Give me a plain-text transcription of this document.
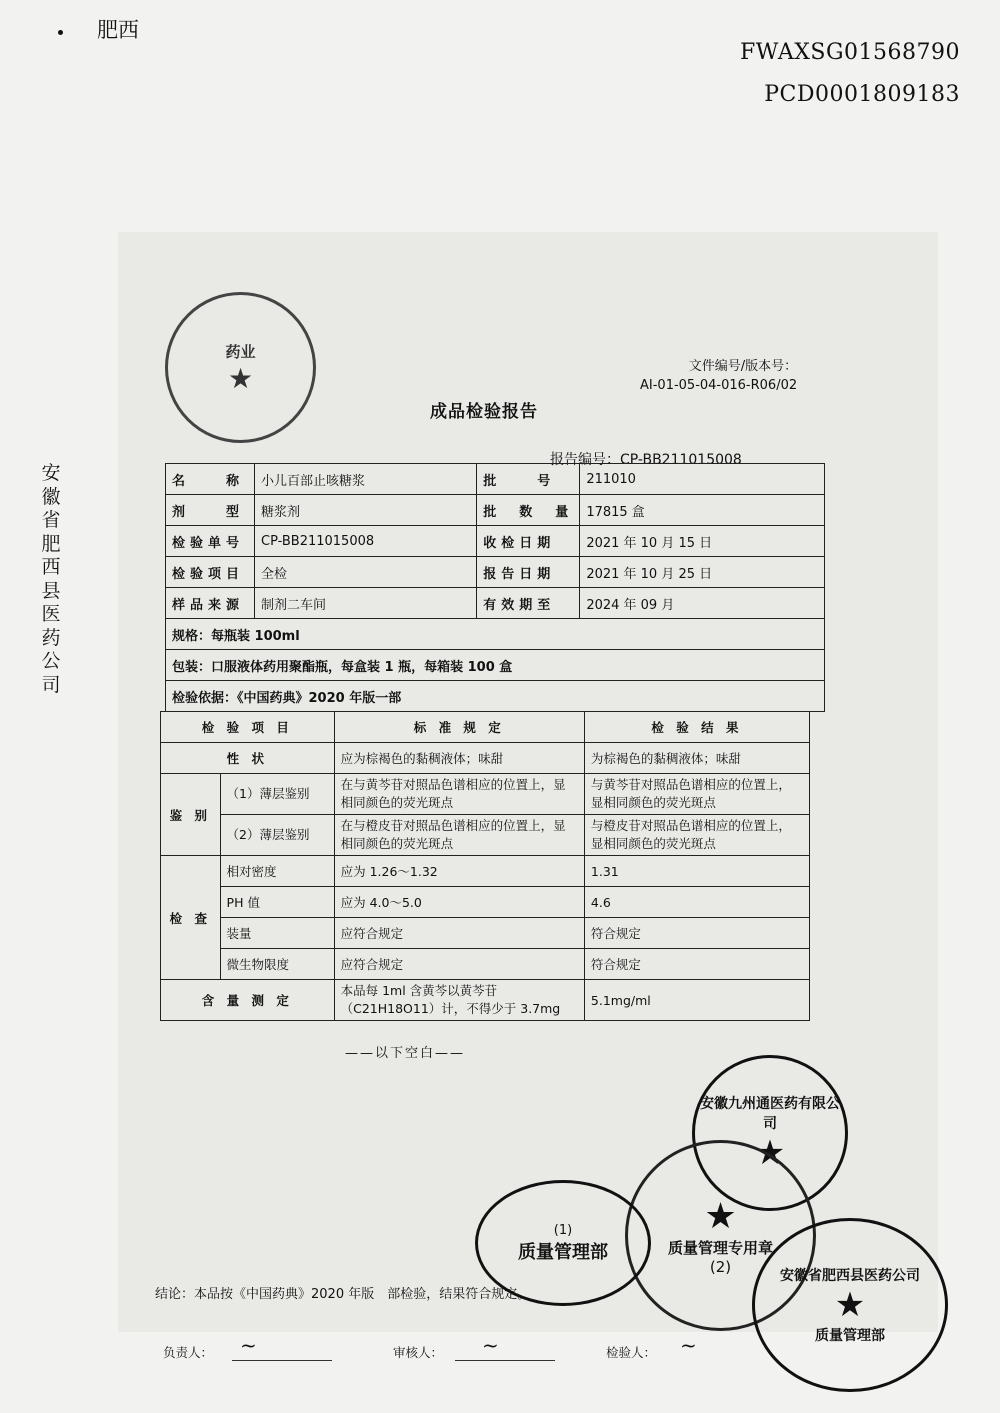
肥西
FWAXSG01568790
PCD0001809183
安徽省肥西县医药公司
药业
★	文件编号/版本号：
AI-01-05-04-016-R06/02
成品检验报告
报告编号：CP-BB211015008
名　　称	小儿百部止咳糖浆	批　　号	211010
剂　　型	糖浆剂	批　数　量	17815 盒
检验单号	CP-BB211015008	收检日期	2021 年 10 月 15 日
检验项目	全检	报告日期	2021 年 10 月 25 日
样品来源	制剂二车间	有效期至	2024 年 09 月
规格：每瓶装 100ml			
包装：口服液体药用聚酯瓶，每盒装 1 瓶，每箱装 100 盒			
检验依据：《中国药典》2020 年版一部			
检 验 项 目		标 准 规 定	检 验 结 果
性 状		应为棕褐色的黏稠液体；味甜	为棕褐色的黏稠液体；味甜
鉴 别	（1）薄层鉴别	在与黄芩苷对照品色谱相应的位置上，显相同颜色的荧光斑点	与黄芩苷对照品色谱相应的位置上，显相同颜色的荧光斑点
	（2）薄层鉴别	在与橙皮苷对照品色谱相应的位置上，显相同颜色的荧光斑点	与橙皮苷对照品色谱相应的位置上，显相同颜色的荧光斑点
检 查	相对密度	应为 1.26～1.32	1.31
	PH 值	应为 4.0～5.0	4.6
	装量	应符合规定	符合规定
	微生物限度	应符合规定	符合规定
含 量 测 定		本品每 1ml 含黄芩以黄芩苷（C21H18O11）计，不得少于 3.7mg	5.1mg/ml
——以下空白——
安徽九州通医药有限公司
★
★
质量管理专用章
(2)
(1)
质量管理部
安徽省肥西县医药公司
★
质量管理部
结论：本品按《中国药典》2020 年版　部检验，结果符合规定。
负责人： ~	审核人： ~	检验人： ~
